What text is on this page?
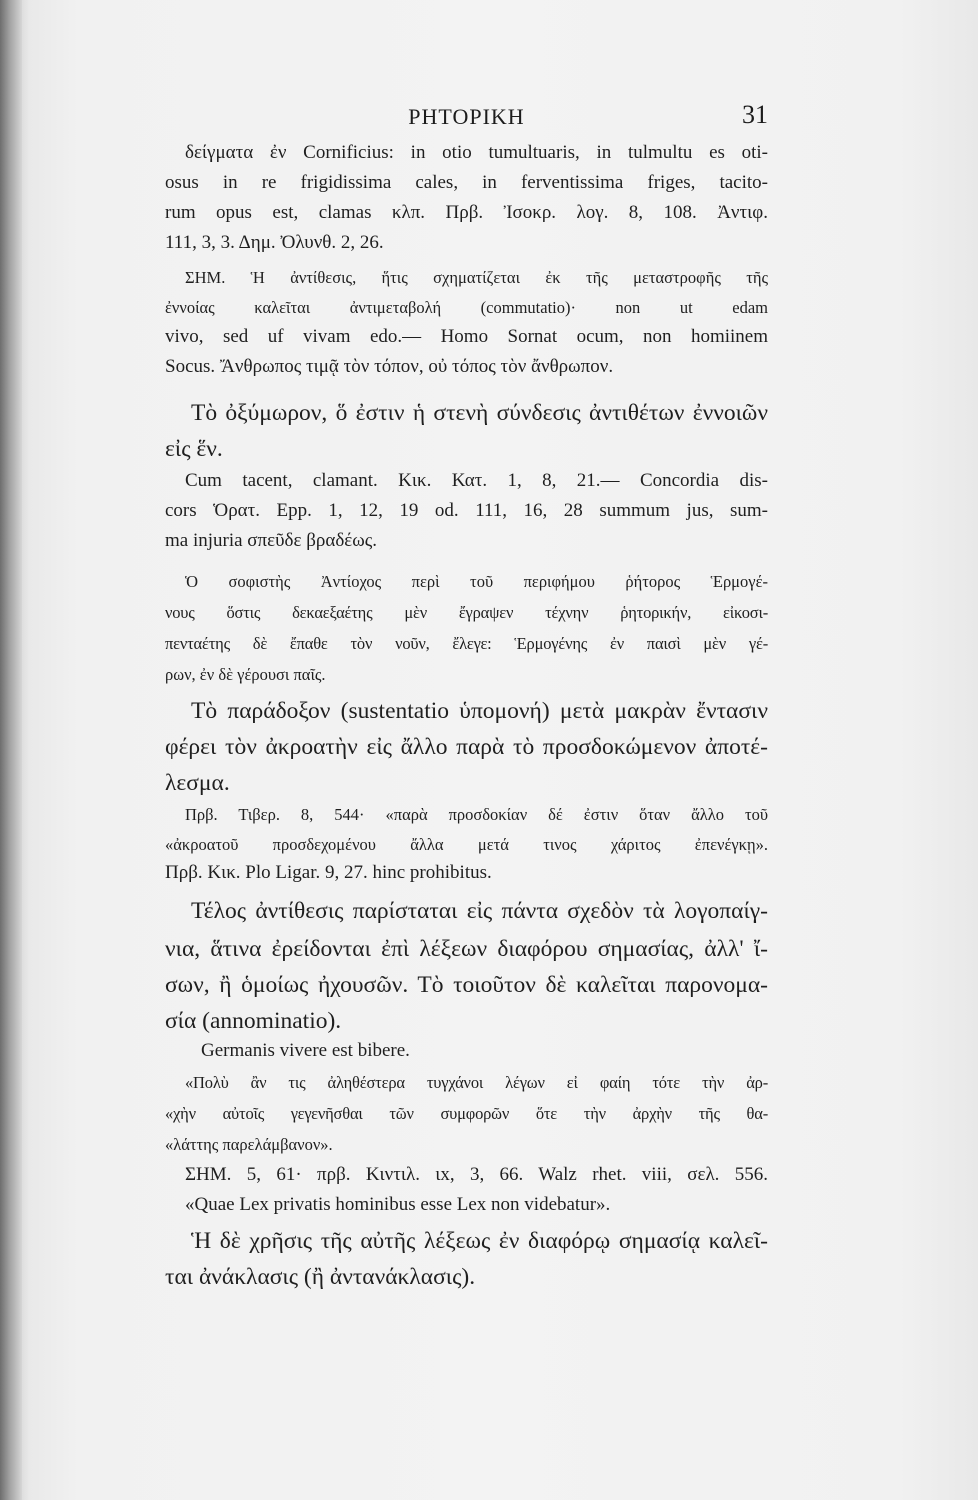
PHTOPIKH	31
δείγματα ἐν Cornificius: in otio tumultuaris, in tulmultu es oti-
osus in re frigidissima cales, in ferventissima friges, tacito-
rum opus est, clamas κλπ. Πρβ. Ἰσοκρ. λογ. 8, 108. Ἀντιφ.
111, 3, 3. Δημ. Ὀλυνθ. 2, 26.
ΣΗΜ. Ἡ ἀντίθεσις, ἥτις σχηματίζεται ἐκ τῆς μεταστροφῆς τῆς
ἐννοίας καλεῖται ἀντιμεταβολή (commutatio)· non ut edam
vivo, sed uf vivam edo.— Homo Sornat ocum, non homiinem
Socus. Ἄνθρωπος τιμᾷ τὸν τόπον, οὐ τόπος τὸν ἄνθρωπον.
Τὸ ὀξύμωρον, ὅ ἐστιν ἡ στενὴ σύνδεσις ἀντιθέτων ἐννοιῶν
εἰς ἕν.
Cum tacent, clamant. Κικ. Κατ. 1, 8, 21.— Concordia dis-
cors Ὁρατ. Epp. 1, 12, 19 od. 111, 16, 28 summum jus, sum-
ma injuria σπεῦδε βραδέως.
Ὁ σοφιστὴς Ἀντίοχος περὶ τοῦ περιφήμου ῥήτορος Ἑρμογέ-
νους ὅστις δεκαεξαέτης μὲν ἔγραψεν τέχνην ῥητορικήν, εἰκοσι-
πενταέτης δὲ ἔπαθε τὸν νοῦν, ἔλεγε: Ἑρμογένης ἐν παισὶ μὲν γέ-
ρων, ἐν δὲ γέρουσι παῖς.
Τὸ παράδοξον (sustentatio ὑπομονή) μετὰ μακρὰν ἔντασιν
φέρει τὸν ἀκροατὴν εἰς ἄλλο παρὰ τὸ προσδοκώμενον ἀποτέ-
λεσμα.
Πρβ. Τιβερ. 8, 544· «παρὰ προσδοκίαν δέ ἐστιν ὅταν ἄλλο τοῦ
«ἀκροατοῦ προσδεχομένου ἄλλα μετά τινος χάριτος ἐπενέγκῃ».
Πρβ. Κικ. Plo Ligar. 9, 27. hinc prohibitus.
Τέλος ἀντίθεσις παρίσταται εἰς πάντα σχεδὸν τὰ λογοπαίγ-
νια, ἅτινα ἐρείδονται ἐπὶ λέξεων διαφόρου σημασίας, ἀλλ' ἴ-
σων, ἢ ὁμοίως ἠχουσῶν. Τὸ τοιοῦτον δὲ καλεῖται παρονομα-
σία (annominatio).
Germanis vivere est bibere.
«Πολὺ ἂν τις ἀληθέστερα τυγχάνοι λέγων εἰ φαίη τότε τὴν ἀρ-
«χὴν αὐτοῖς γεγενῆσθαι τῶν συμφορῶν ὅτε τὴν ἀρχὴν τῆς θα-
«λάττης παρελάμβανον».
ΣΗΜ. 5, 61· πρβ. Κιντιλ. ιx, 3, 66. Walz rhet. viii, σελ. 556.
«Quae Lex privatis hominibus esse Lex non videbatur».
Ἡ δὲ χρῆσις τῆς αὐτῆς λέξεως ἐν διαφόρῳ σημασίᾳ καλεῖ-
ται ἀνάκλασις (ἢ ἀντανάκλασις).
